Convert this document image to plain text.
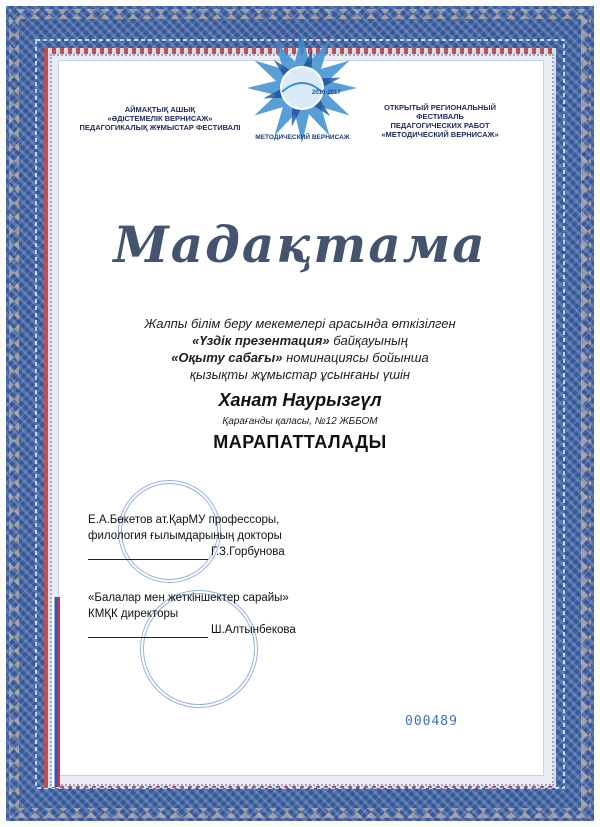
АЙМАҚТЫҚ АШЫҚ
«ӘДІСТЕМЕЛІК ВЕРНИСАЖ»
ПЕДАГОГИКАЛЫҚ ЖҰМЫСТАР ФЕСТИВАЛІ
2016-2017
МЕТОДИЧЕСКИЙ ВЕРНИСАЖ
ОТКРЫТЫЙ РЕГИОНАЛЬНЫЙ
ФЕСТИВАЛЬ
ПЕДАГОГИЧЕСКИХ РАБОТ
«МЕТОДИЧЕСКИЙ ВЕРНИСАЖ»
Мадақтама
Жалпы білім беру мекемелері арасында өткізілген
«Үздік презентация» байқауының
«Оқыту сабағы» номинациясы бойынша
қызықты жұмыстар ұсынғаны үшін
Ханат Наурызгүл
Қарағанды қаласы, №12 ЖББОМ
МАРАПАТТАЛАДЫ
Е.А.Бөкетов ат.ҚарМУ профессоры,
филология ғылымдарының докторы
Г.З.Горбунова
«Балалар мен жеткіншектер сарайы»
КМҚК директоры
Ш.Алтынбекова
000489
